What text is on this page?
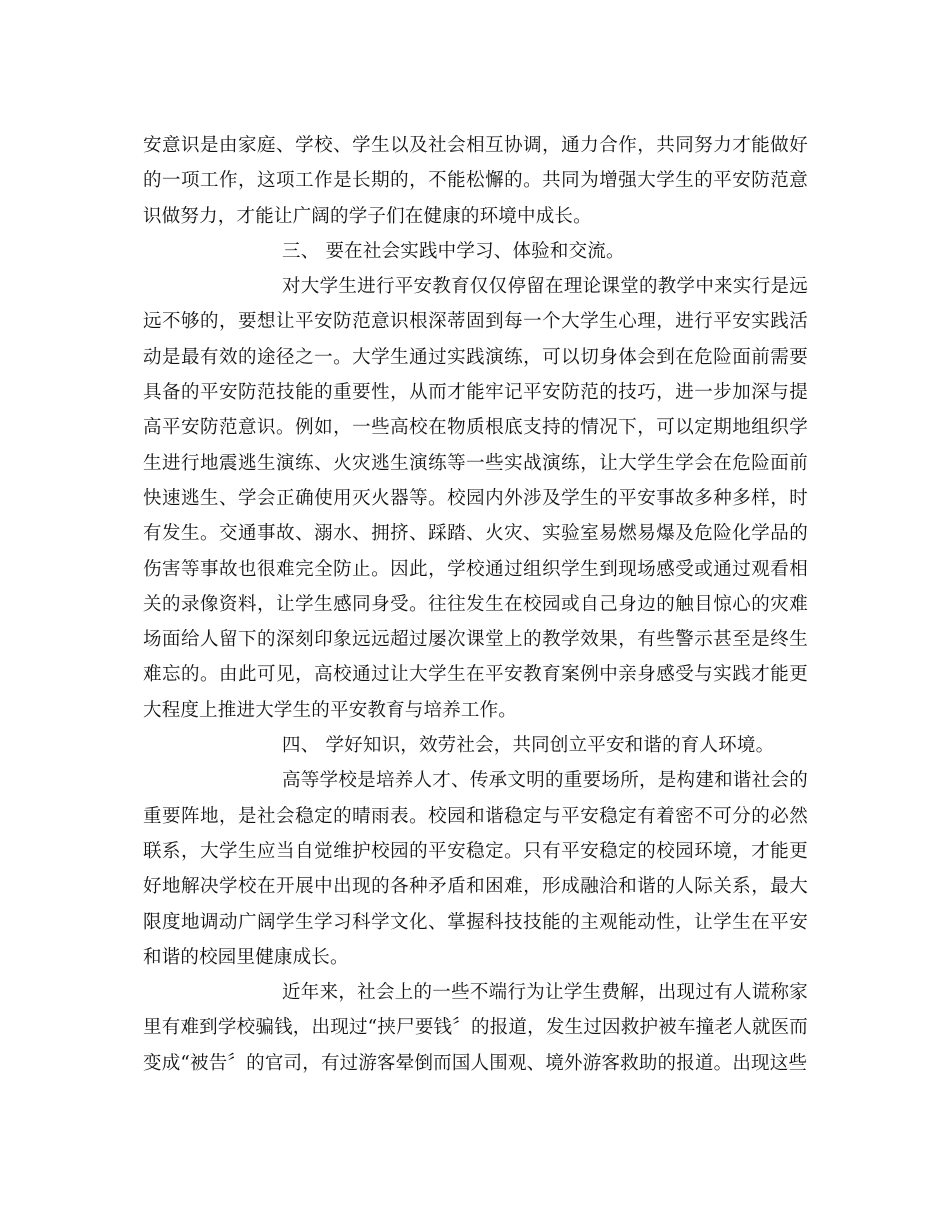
安意识是由家庭、学校、学生以及社会相互协调，通力合作，共同努力才能做好的一项工作，这项工作是长期的，不能松懈的。共同为增强大学生的平安防范意识做努力，才能让广阔的学子们在健康的环境中成长。

三、 要在社会实践中学习、体验和交流。

对大学生进行平安教育仅仅停留在理论课堂的教学中来实行是远远不够的，要想让平安防范意识根深蒂固到每一个大学生心理，进行平安实践活动是最有效的途径之一。大学生通过实践演练，可以切身体会到在危险面前需要具备的平安防范技能的重要性，从而才能牢记平安防范的技巧，进一步加深与提高平安防范意识。例如，一些高校在物质根底支持的情况下，可以定期地组织学生进行地震逃生演练、火灾逃生演练等一些实战演练，让大学生学会在危险面前快速逃生、学会正确使用灭火器等。校园内外涉及学生的平安事故多种多样，时有发生。交通事故、溺水、拥挤、踩踏、火灾、实验室易燃易爆及危险化学品的伤害等事故也很难完全防止。因此，学校通过组织学生到现场感受或通过观看相关的录像资料，让学生感同身受。往往发生在校园或自己身边的触目惊心的灾难场面给人留下的深刻印象远远超过屡次课堂上的教学效果，有些警示甚至是终生难忘的。由此可见，高校通过让大学生在平安教育案例中亲身感受与实践才能更大程度上推进大学生的平安教育与培养工作。

四、 学好知识，效劳社会，共同创立平安和谐的育人环境。

高等学校是培养人才、传承文明的重要场所，是构建和谐社会的重要阵地，是社会稳定的晴雨表。校园和谐稳定与平安稳定有着密不可分的必然联系，大学生应当自觉维护校园的平安稳定。只有平安稳定的校园环境，才能更好地解决学校在开展中出现的各种矛盾和困难，形成融洽和谐的人际关系，最大限度地调动广阔学生学习科学文化、掌握科技技能的主观能动性，让学生在平安和谐的校园里健康成长。

近年来，社会上的一些不端行为让学生费解，出现过有人谎称家里有难到学校骗钱，出现过“挟尸要钱〞的报道，发生过因救护被车撞老人就医而变成“被告〞的官司，有过游客晕倒而国人围观、境外游客救助的报道。出现这些
